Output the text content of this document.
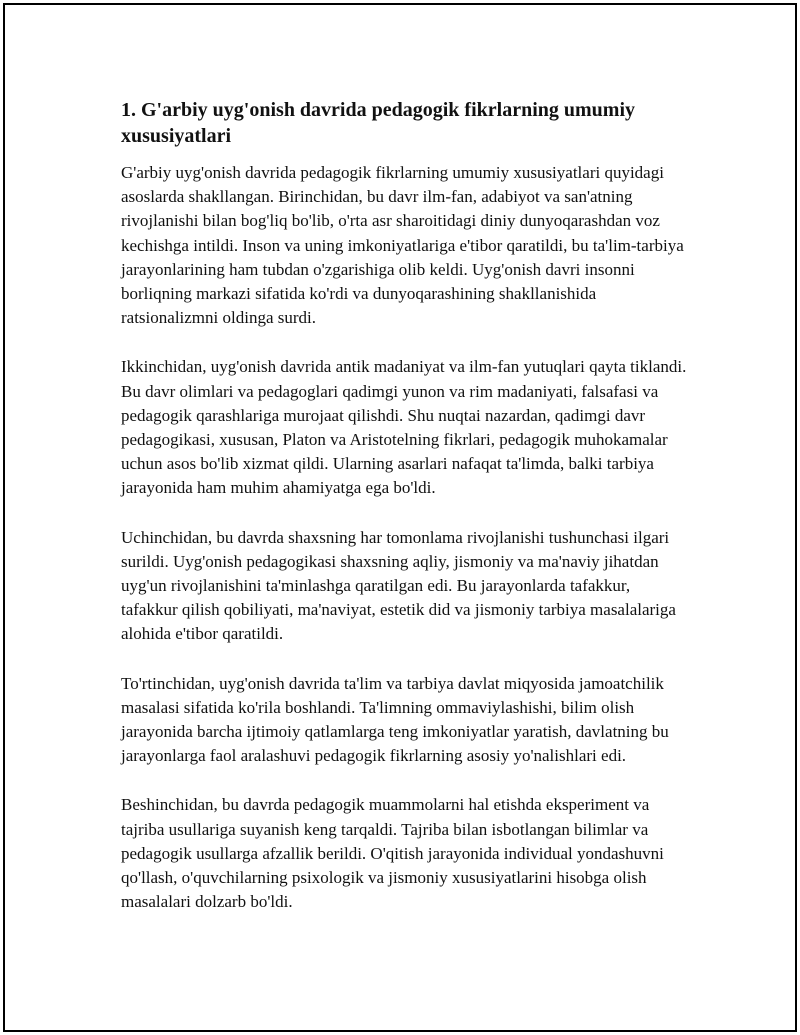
1. G'arbiy uyg'onish davrida pedagogik fikrlarning umumiy xususiyatlari

G'arbiy uyg'onish davrida pedagogik fikrlarning umumiy xususiyatlari quyidagi asoslarda shakllangan. Birinchidan, bu davr ilm-fan, adabiyot va san'atning rivojlanishi bilan bog'liq bo'lib, o'rta asr sharoitidagi diniy dunyoqarashdan voz kechishga intildi. Inson va uning imkoniyatlariga e'tibor qaratildi, bu ta'lim-tarbiya jarayonlarining ham tubdan o'zgarishiga olib keldi. Uyg'onish davri insonni borliqning markazi sifatida ko'rdi va dunyoqarashining shakllanishida ratsionalizmni oldinga surdi.

Ikkinchidan, uyg'onish davrida antik madaniyat va ilm-fan yutuqlari qayta tiklandi. Bu davr olimlari va pedagoglari qadimgi yunon va rim madaniyati, falsafasi va pedagogik qarashlariga murojaat qilishdi. Shu nuqtai nazardan, qadimgi davr pedagogikasi, xususan, Platon va Aristotelning fikrlari, pedagogik muhokamalar uchun asos bo'lib xizmat qildi. Ularning asarlari nafaqat ta'limda, balki tarbiya jarayonida ham muhim ahamiyatga ega bo'ldi.

Uchinchidan, bu davrda shaxsning har tomonlama rivojlanishi tushunchasi ilgari surildi. Uyg'onish pedagogikasi shaxsning aqliy, jismoniy va ma'naviy jihatdan uyg'un rivojlanishini ta'minlashga qaratilgan edi. Bu jarayonlarda tafakkur, tafakkur qilish qobiliyati, ma'naviyat, estetik did va jismoniy tarbiya masalalariga alohida e'tibor qaratildi.

To'rtinchidan, uyg'onish davrida ta'lim va tarbiya davlat miqyosida jamoatchilik masalasi sifatida ko'rila boshlandi. Ta'limning ommaviylashishi, bilim olish jarayonida barcha ijtimoiy qatlamlarga teng imkoniyatlar yaratish, davlatning bu jarayonlarga faol aralashuvi pedagogik fikrlarning asosiy yo'nalishlari edi.

Beshinchidan, bu davrda pedagogik muammolarni hal etishda eksperiment va tajriba usullariga suyanish keng tarqaldi. Tajriba bilan isbotlangan bilimlar va pedagogik usullarga afzallik berildi. O'qitish jarayonida individual yondashuvni qo'llash, o'quvchilarning psixologik va jismoniy xususiyatlarini hisobga olish masalalari dolzarb bo'ldi.
